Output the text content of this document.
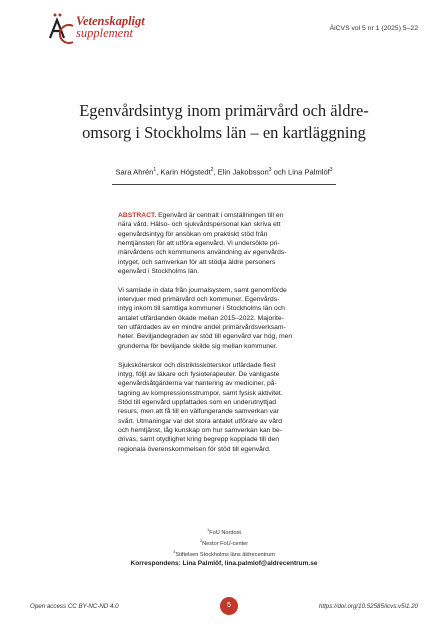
Vetenskapligt
supplement	ÄiCVS vol 5 nr 1 (2025) 5–22
Egenvårdsintyg inom primärvård och äldre-
omsorg i Stockholms län – en kartläggning
Sara Ahrén$^1$, Karin Högstedt$^2$, Elin Jakobsson$^3$ och Lina Palmlöf$^3$

ABSTRACT. Egenvård är centralt i omställningen till en
nära vård. Hälso- och sjukvårdspersonal kan skriva ett
egenvårdsintyg för ansökan om praktiskt stöd från
hemtjänsten för att utföra egenvård. Vi undersökte pri-
märvårdens och kommunens användning av egenvårds-
intyget, och samverkan för att stödja äldre personers
egenvård i Stockholms län.

Vi samlade in data från journalsystem, samt genomförde
intervjuer med primärvård och kommuner. Egenvårds-
intyg inkom till samtliga kommuner i Stockholms län och
antalet utfärdanden ökade mellan 2015–2022. Majorite-
ten utfärdades av en mindre andel primärvårdsverksam-
heter. Beviljandegraden av stöd till egenvård var hög, men
grunderna för beviljande skilde sig mellan kommuner.

Sjuksköterskor och distriktssköterskor utfärdade flest
intyg, följt av läkare och fysioterapeuter. De vanligaste
egenvårdsåtgärderna var hantering av mediciner, på-
tagning av kompressionsstrumpor, samt fysisk aktivitet.
Stöd till egenvård uppfattades som en underutnyttjad
resurs, men att få till en välfungerande samverkan var
svårt. Utmaningar var det stora antalet utförare av vård
och hemtjänst, låg kunskap om hur samverkan kan be-
drivas, samt otydlighet kring begrepp kopplade till den
regionala överenskommelsen för stöd till egenvård.

$^1$FoU Nordost
$^2$Nestor FoU-center
$^3$Stiftelsen Stockholms läns äldrecentrum
Korrespondens: Lina Palmlöf, lina.palmlof@aldrecentrum.se
Open access CC BY-NC-ND 4.0	5	https://doi.org/10.52585/icvs.v5i1.20
